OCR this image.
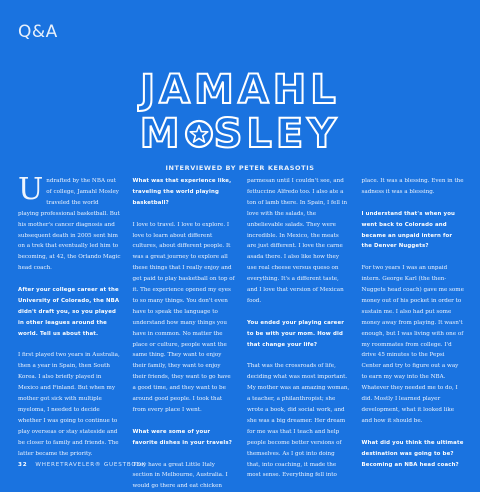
Q&A
JAMAHL
M SLEY
INTERVIEWED BY PETER KERASOTIS

Undrafted by the NBA out of college, Jamahl Mosley traveled the world playing professional basketball. But his mother's cancer diagnosis and subsequent death in 2005 sent him on a trek that eventually led him to becoming, at 42, the Orlando Magic head coach.

After your college career at the University of Colorado, the NBA didn't draft you, so you played in other leagues around the world. Tell us about that.

I first played two years in Australia, then a year in Spain, then South Korea. I also briefly played in Mexico and Finland. But when my mother got sick with multiple myeloma, I needed to decide whether I was going to continue to play overseas or stay stateside and be closer to family and friends. The latter became the priority.

What was that experience like, traveling the world playing basketball?

I love to travel. I love to explore. I love to learn about different cultures, about different people. It was a great journey to explore all these things that I really enjoy and get paid to play basketball on top of it. The experience opened my eyes to so many things. You don't even have to speak the language to understand how many things you have in common. No matter the place or culture, people want the same thing. They want to enjoy their family, they want to enjoy their friends, they want to go have a good time, and they want to be around good people. I took that from every place I went.

What were some of your favorite dishes in your travels?

They have a great Little Italy section in Melbourne, Australia. I would go there and eat chicken

parmesan until I couldn't see, and fettuccine Alfredo too. I also ate a ton of lamb there. In Spain, I fell in love with the salads, the unbelievable salads. They were incredible. In Mexico, the meats are just different. I love the carne asada there. I also like how they use real cheese versus queso on everything. It's a different taste, and I love that version of Mexican food.

You ended your playing career to be with your mom. How did that change your life?

That was the crossroads of life, deciding what was most important. My mother was an amazing woman, a teacher, a philanthropist; she wrote a book, did social work, and she was a big dreamer. Her dream for me was that I teach and help people become better versions of themselves. As I got into doing that, into coaching, it made the most sense. Everything fell into

place. It was a blessing. Even in the sadness it was a blessing.

I understand that's when you went back to Colorado and became an unpaid intern for the Denver Nuggets?

For two years I was an unpaid intern. George Karl (the then-Nuggets head coach) gave me some money out of his pocket in order to sustain me. I also had put some money away from playing. It wasn't enough, but I was living with one of my roommates from college. I'd drive 45 minutes to the Pepsi Center and try to figure out a way to earn my way into the NBA. Whatever they needed me to do, I did. Mostly I learned player development, what it looked like and how it should be.

What did you think the ultimate destination was going to be? Becoming an NBA head coach?

32 WHERETRAVELER® GUESTBOOK
